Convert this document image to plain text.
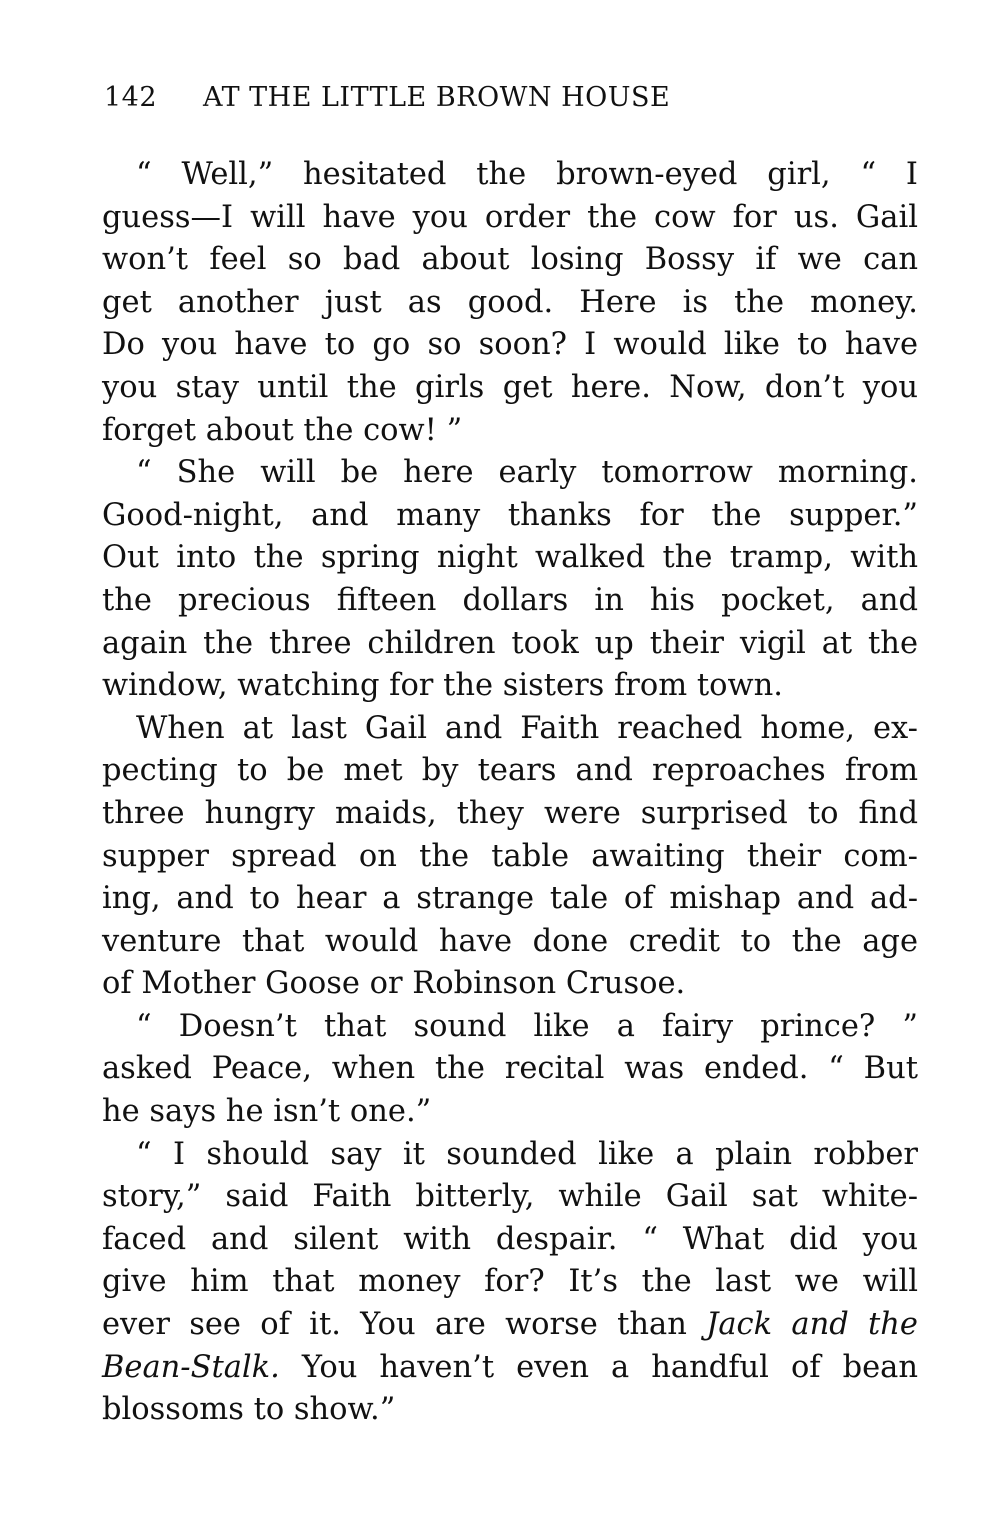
142 AT THE LITTLE BROWN HOUSE
“ Well,” hesitated the brown-eyed girl, “ I
guess—I will have you order the cow for us. Gail
won’t feel so bad about losing Bossy if we can
get another just as good. Here is the money.
Do you have to go so soon? I would like to have
you stay until the girls get here. Now, don’t you
forget about the cow! ”
“ She will be here early tomorrow morning.
Good-night, and many thanks for the supper.”
Out into the spring night walked the tramp, with
the precious fifteen dollars in his pocket, and
again the three children took up their vigil at the
window, watching for the sisters from town.
When at last Gail and Faith reached home, ex-
pecting to be met by tears and reproaches from
three hungry maids, they were surprised to find
supper spread on the table awaiting their com-
ing, and to hear a strange tale of mishap and ad-
venture that would have done credit to the age
of Mother Goose or Robinson Crusoe.
“ Doesn’t that sound like a fairy prince? ”
asked Peace, when the recital was ended. “ But
he says he isn’t one.”
“ I should say it sounded like a plain robber
story,” said Faith bitterly, while Gail sat white-
faced and silent with despair. “ What did you
give him that money for? It’s the last we will
ever see of it. You are worse than Jack and the
Bean-Stalk. You haven’t even a handful of bean
blossoms to show.”
